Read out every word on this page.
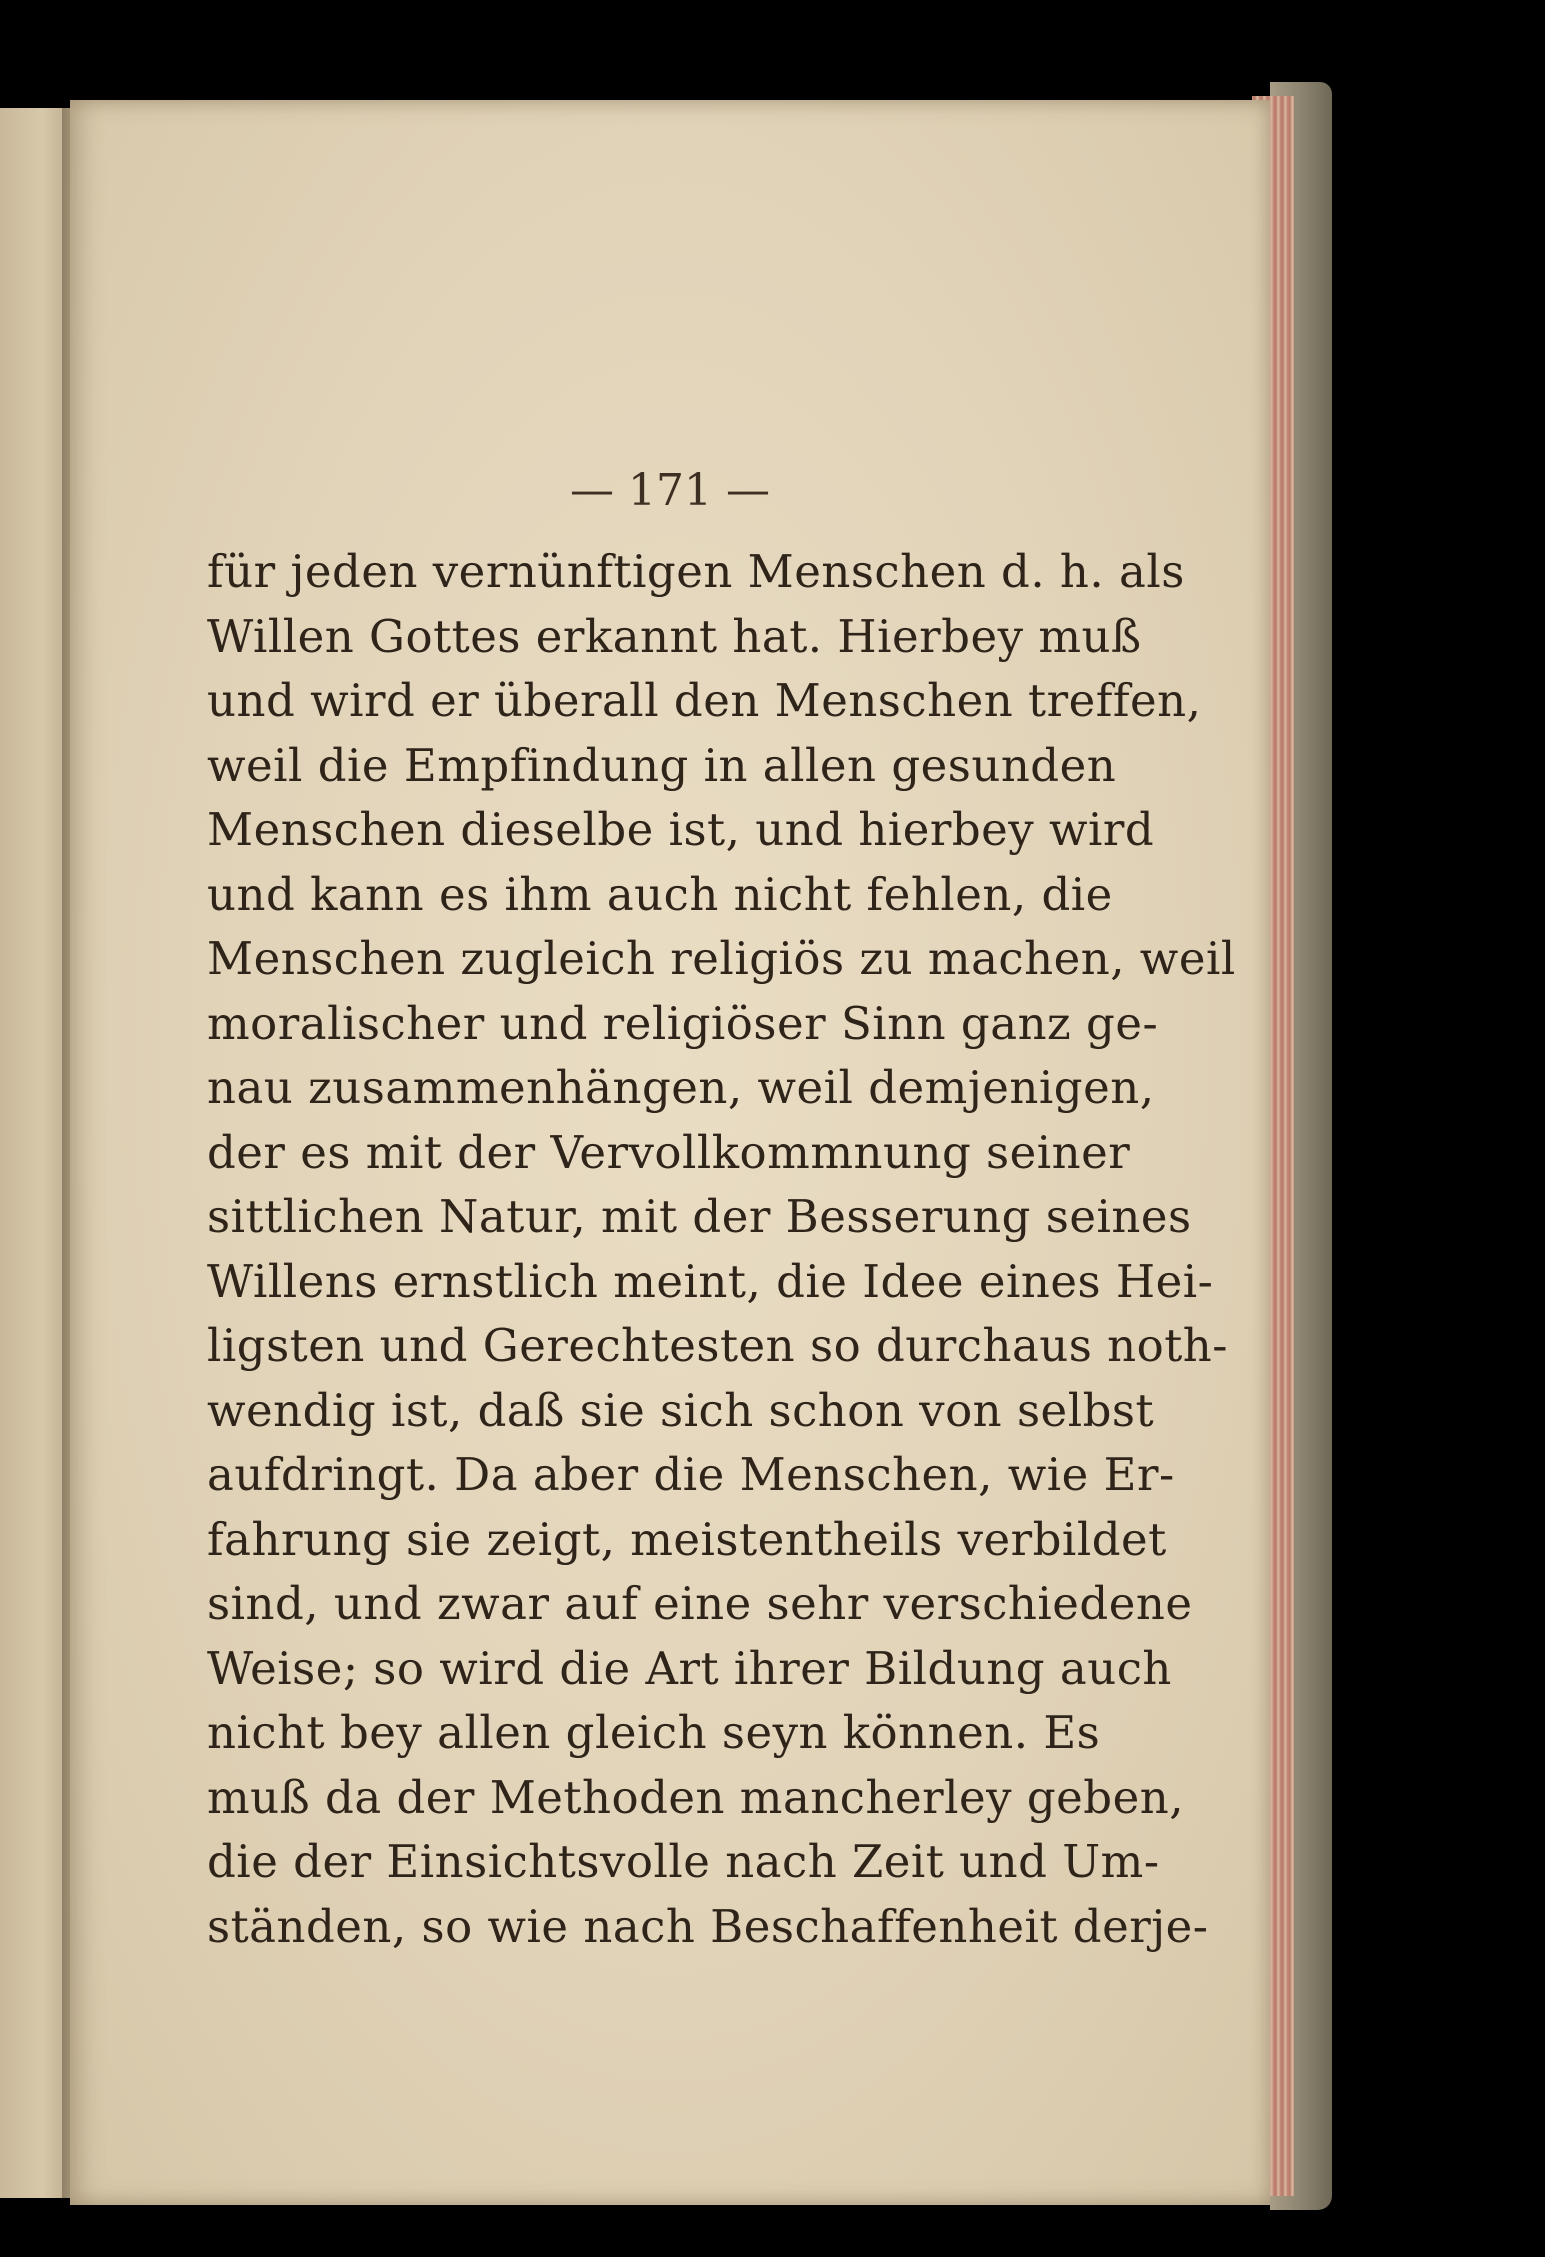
— 171 —
für jeden vernünftigen Menschen d. h. als
Willen Gottes erkannt hat. Hierbey muß
und wird er überall den Menschen treffen,
weil die Empfindung in allen gesunden
Menschen dieselbe ist, und hierbey wird
und kann es ihm auch nicht fehlen, die
Menschen zugleich religiös zu machen, weil
moralischer und religiöser Sinn ganz ge-
nau zusammenhängen, weil demjenigen,
der es mit der Vervollkommnung seiner
sittlichen Natur, mit der Besserung seines
Willens ernstlich meint, die Idee eines Hei-
ligsten und Gerechtesten so durchaus noth-
wendig ist, daß sie sich schon von selbst
aufdringt. Da aber die Menschen, wie Er-
fahrung sie zeigt, meistentheils verbildet
sind, und zwar auf eine sehr verschiedene
Weise; so wird die Art ihrer Bildung auch
nicht bey allen gleich seyn können. Es
muß da der Methoden mancherley geben,
die der Einsichtsvolle nach Zeit und Um-
ständen, so wie nach Beschaffenheit derje-
